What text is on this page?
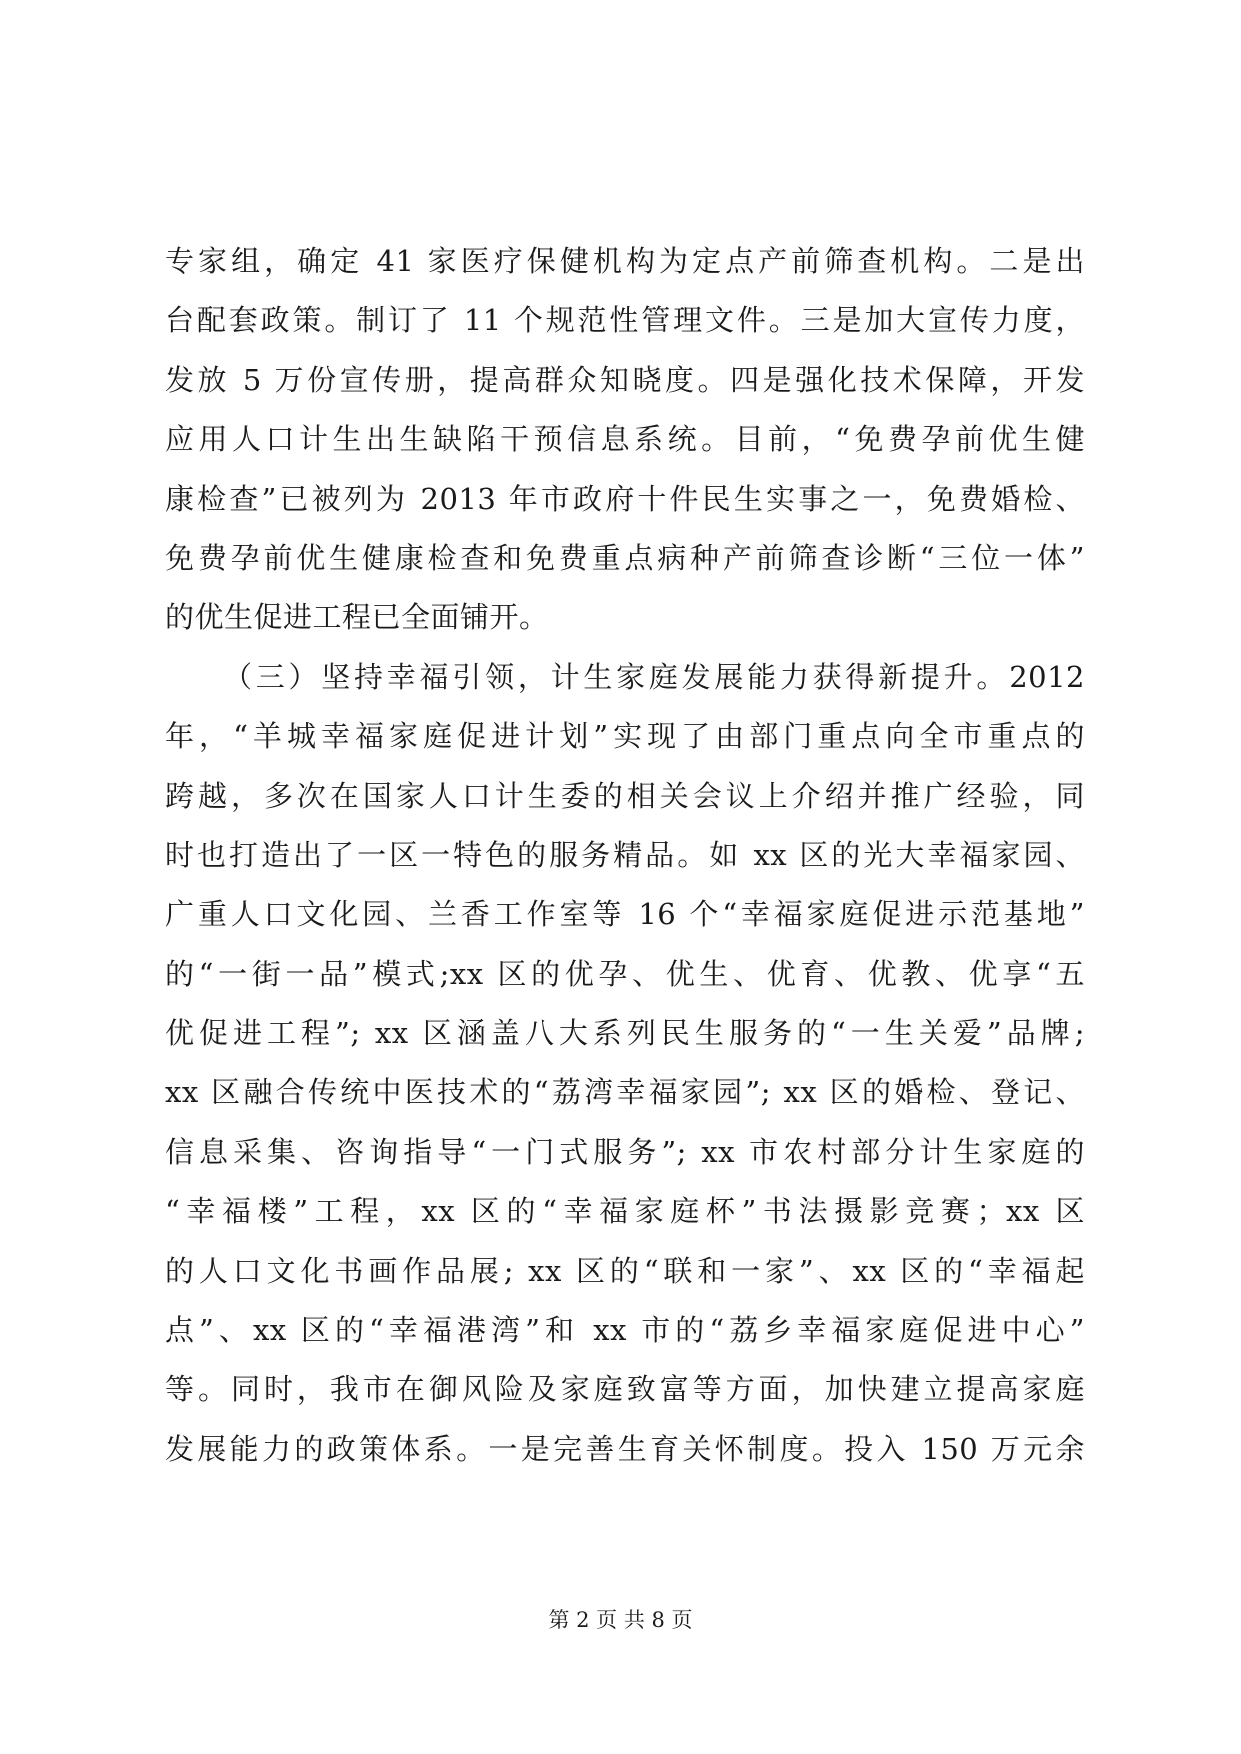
专家组，确定 41 家医疗保健机构为定点产前筛查机构。二是出
台配套政策。制订了 11 个规范性管理文件。三是加大宣传力度，
发放 5 万份宣传册，提高群众知晓度。四是强化技术保障，开发
应用人口计生出生缺陷干预信息系统。目前，“免费孕前优生健
康检查”已被列为 2013 年市政府十件民生实事之一，免费婚检、
免费孕前优生健康检查和免费重点病种产前筛查诊断“三位一体”
的优生促进工程已全面铺开。
（三）坚持幸福引领，计生家庭发展能力获得新提升。2012
年，“羊城幸福家庭促进计划”实现了由部门重点向全市重点的
跨越，多次在国家人口计生委的相关会议上介绍并推广经验，同
时也打造出了一区一特色的服务精品。如 xx 区的光大幸福家园、
广重人口文化园、兰香工作室等 16 个“幸福家庭促进示范基地”
的“一街一品”模式;xx 区的优孕、优生、优育、优教、优享“五
优促进工程”; xx 区涵盖八大系列民生服务的“一生关爱”品牌;
xx 区融合传统中医技术的“荔湾幸福家园”; xx 区的婚检、登记、
信息采集、咨询指导“一门式服务”; xx 市农村部分计生家庭的
“幸福楼”工程，xx 区的“幸福家庭杯”书法摄影竞赛；xx 区
的人口文化书画作品展; xx 区的“联和一家”、xx 区的“幸福起
点”、xx 区的“幸福港湾”和 xx 市的“荔乡幸福家庭促进中心”
等。同时，我市在御风险及家庭致富等方面，加快建立提高家庭
发展能力的政策体系。一是完善生育关怀制度。投入 150 万元余
第 2 页 共 8 页
